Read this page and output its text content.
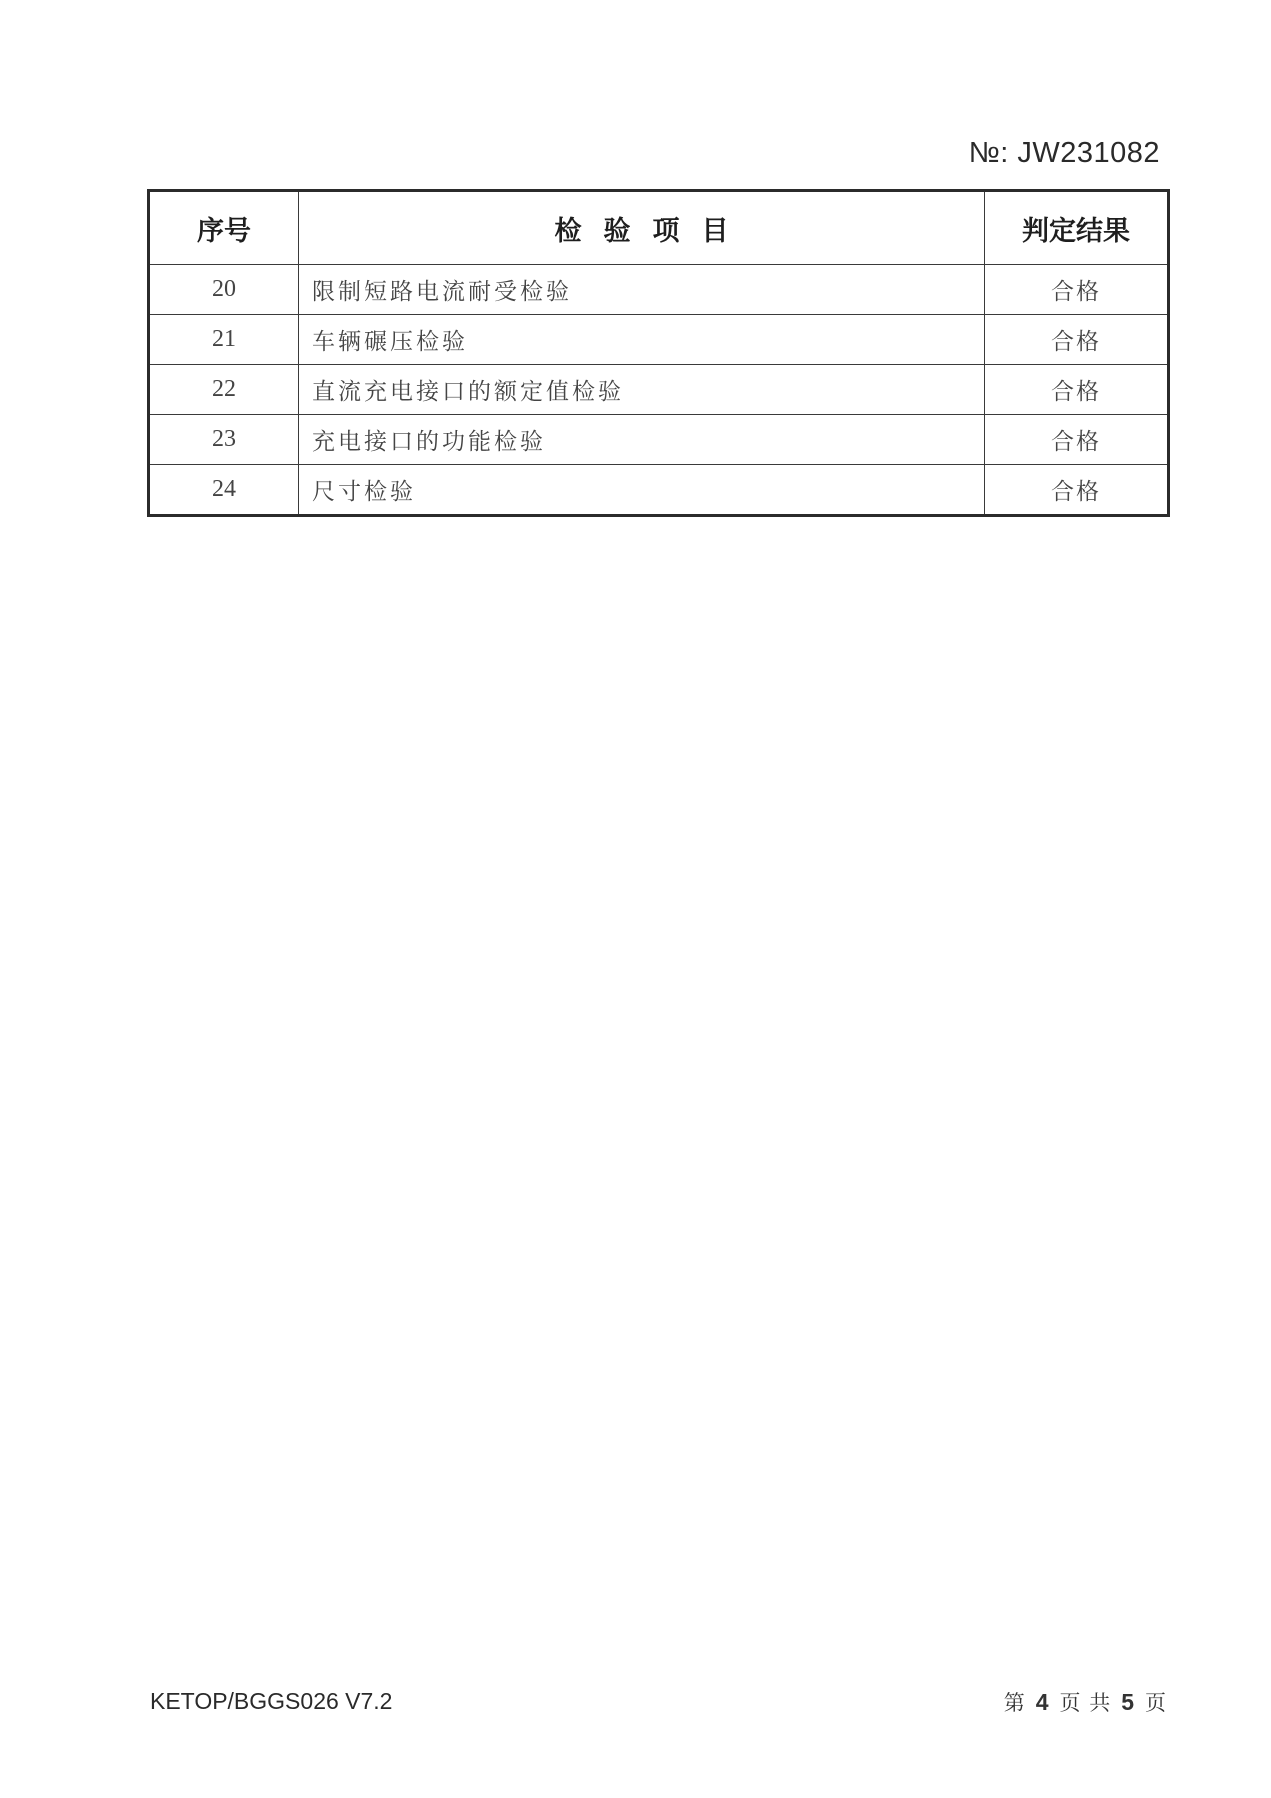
№: JW231082
序号	检验项目	判定结果
20	限制短路电流耐受检验	合格
21	车辆碾压检验	合格
22	直流充电接口的额定值检验	合格
23	充电接口的功能检验	合格
24	尺寸检验	合格
KETOP/BGGS026 V7.2	第 4 页 共 5 页
